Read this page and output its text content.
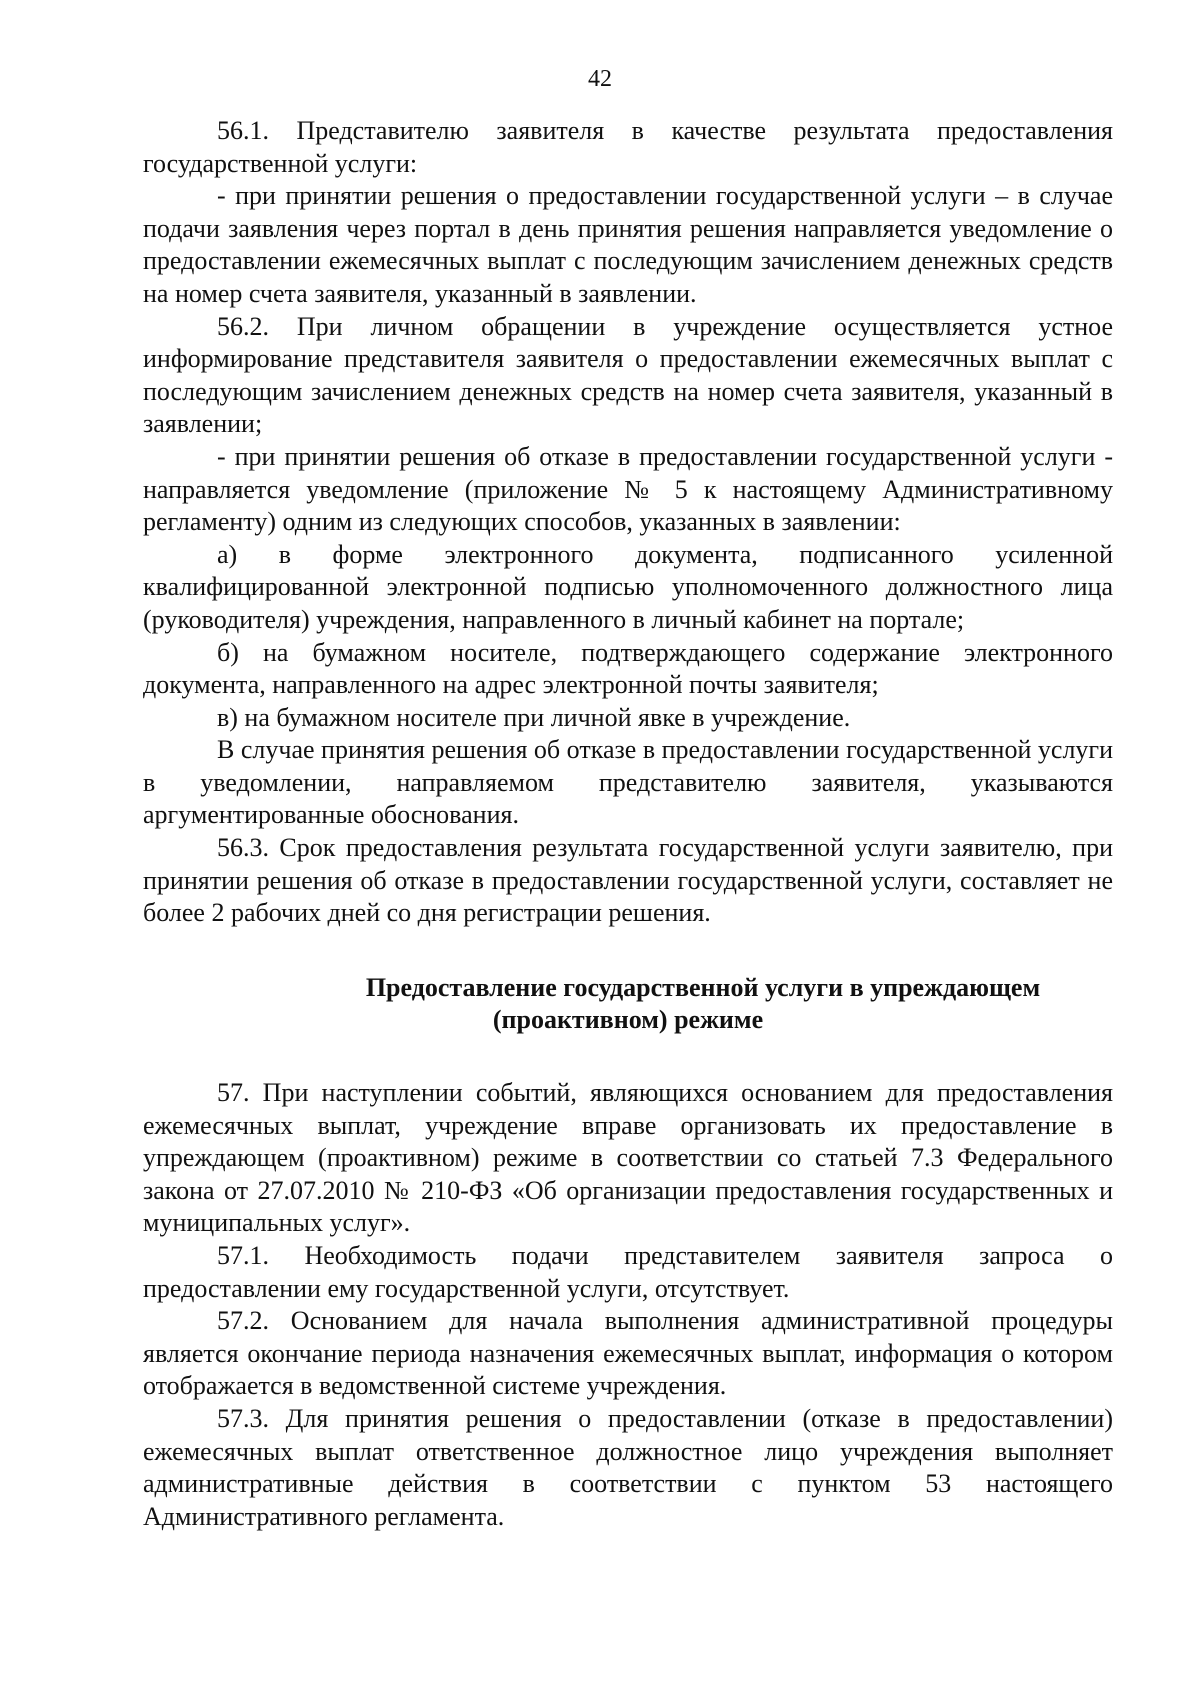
42

56.1. Представителю заявителя в качестве результата предоставления государственной услуги:

- при принятии решения о предоставлении государственной услуги – в случае подачи заявления через портал в день принятия решения направляется уведомление о предоставлении ежемесячных выплат с последующим зачислением денежных средств на номер счета заявителя, указанный в заявлении.

56.2. При личном обращении в учреждение осуществляется устное информирование представителя заявителя о предоставлении ежемесячных выплат с последующим зачислением денежных средств на номер счета заявителя, указанный в заявлении;

- при принятии решения об отказе в предоставлении государственной услуги - направляется уведомление (приложение № 5 к настоящему Административному регламенту) одним из следующих способов, указанных в заявлении:

а) в форме электронного документа, подписанного усиленной квалифицированной электронной подписью уполномоченного должностного лица (руководителя) учреждения, направленного в личный кабинет на портале;

б) на бумажном носителе, подтверждающего содержание электронного документа, направленного на адрес электронной почты заявителя;

в) на бумажном носителе при личной явке в учреждение.

В случае принятия решения об отказе в предоставлении государственной услуги в уведомлении, направляемом представителю заявителя, указываются аргументированные обоснования.

56.3. Срок предоставления результата государственной услуги заявителю, при принятии решения об отказе в предоставлении государственной услуги, составляет не более 2 рабочих дней со дня регистрации решения.

Предоставление государственной услуги в упреждающем
(проактивном) режиме

57. При наступлении событий, являющихся основанием для предоставления ежемесячных выплат, учреждение вправе организовать их предоставление в упреждающем (проактивном) режиме в соответствии со статьей 7.3 Федерального закона от 27.07.2010 № 210-ФЗ «Об организации предоставления государственных и муниципальных услуг».

57.1. Необходимость подачи представителем заявителя запроса о предоставлении ему государственной услуги, отсутствует.

57.2. Основанием для начала выполнения административной процедуры является окончание периода назначения ежемесячных выплат, информация о котором отображается в ведомственной системе учреждения.

57.3. Для принятия решения о предоставлении (отказе в предоставлении) ежемесячных выплат ответственное должностное лицо учреждения выполняет административные действия в соответствии с пунктом 53 настоящего Административного регламента.
